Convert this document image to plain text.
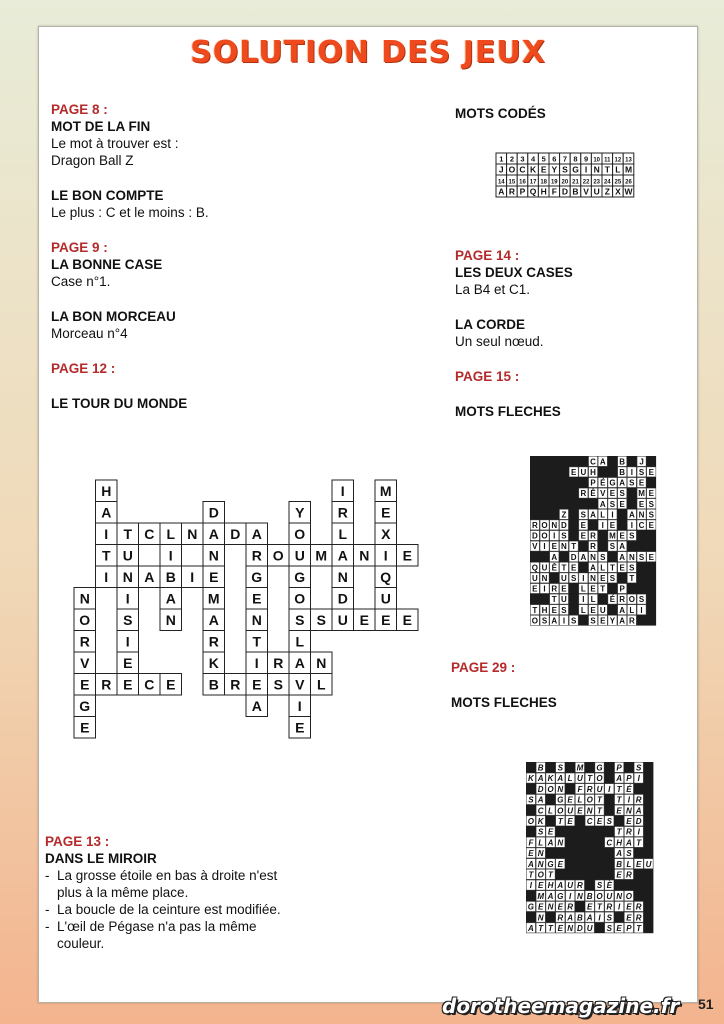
SOLUTION DES JEUX
PAGE 8 :
MOT DE LA FIN
Le mot à trouver est :
Dragon Ball Z
LE BON COMPTE
Le plus : C et le moins : B.
PAGE 9 :
LA BONNE CASE
Case n°1.
LA BON MORCEAU
Morceau n°4
PAGE 12 :
LE TOUR DU MONDE
MOTS CODÉS
PAGE 14 :
LES DEUX CASES
La B4 et C1.
LA CORDE
Un seul nœud.
PAGE 15 :
MOTS FLECHES
PAGE 29 :
MOTS FLECHES
PAGE 13 :
DANS LE MIROIR
- La grosse étoile en bas à droite n'est plus à la même place.
- La boucle de la ceinture est modifiée.
- L'œil de Pégase n'a pas la même couleur.
1 2 3 4 5 6 7 8 9 10 11 12 13
J O C K E Y S G I N T L M
14 15 16 17 18 19 20 21 22 23 24 25 26
A R P Q H F D B V U Z X W
H
A
I
T
I
C L N A D A
N A B I E
T
U
I
S
I
E
I
A
N
E R E C E
N
O
R
V
G
E
D
N
M
A
R
K
R O U M A N I E
G
E
N
T
I
E
A
R A N
B R S V L
Y
O
G
O
S
L
I
E
I
R
L
N
D
U
S E E E
M
E
X
Q
U
C A B J
E U H	B I S E
P É G A S E
R Ê V E S M E
A S E E S
Z S A L I A N S
R O N D E I E I C E
D O I S E R M E S
V I E N T R S A
A D A N S A N S E
Q U Ê T E A L T E S
U N U S I N E S T
E I R E L E T P
T U I L É R O S
T H E S L E U A L I
O S A I S S E Y A R
B S M G P S
K A K A L U T O A P I
D O N F R U I T É
S A G E L O T T I R
C L O U E N T E N A
O K T E C E S E D
S E	T R I
F L A N	C H A T
E N	A S
A N G E	B L E U
T O T	E R
I E H A U R S È
M A G I N B O U N O
G E N E R E T R I E R
N R A B A I S E R
A T T E N D U S E P T
dorotheemagazine.fr 51
